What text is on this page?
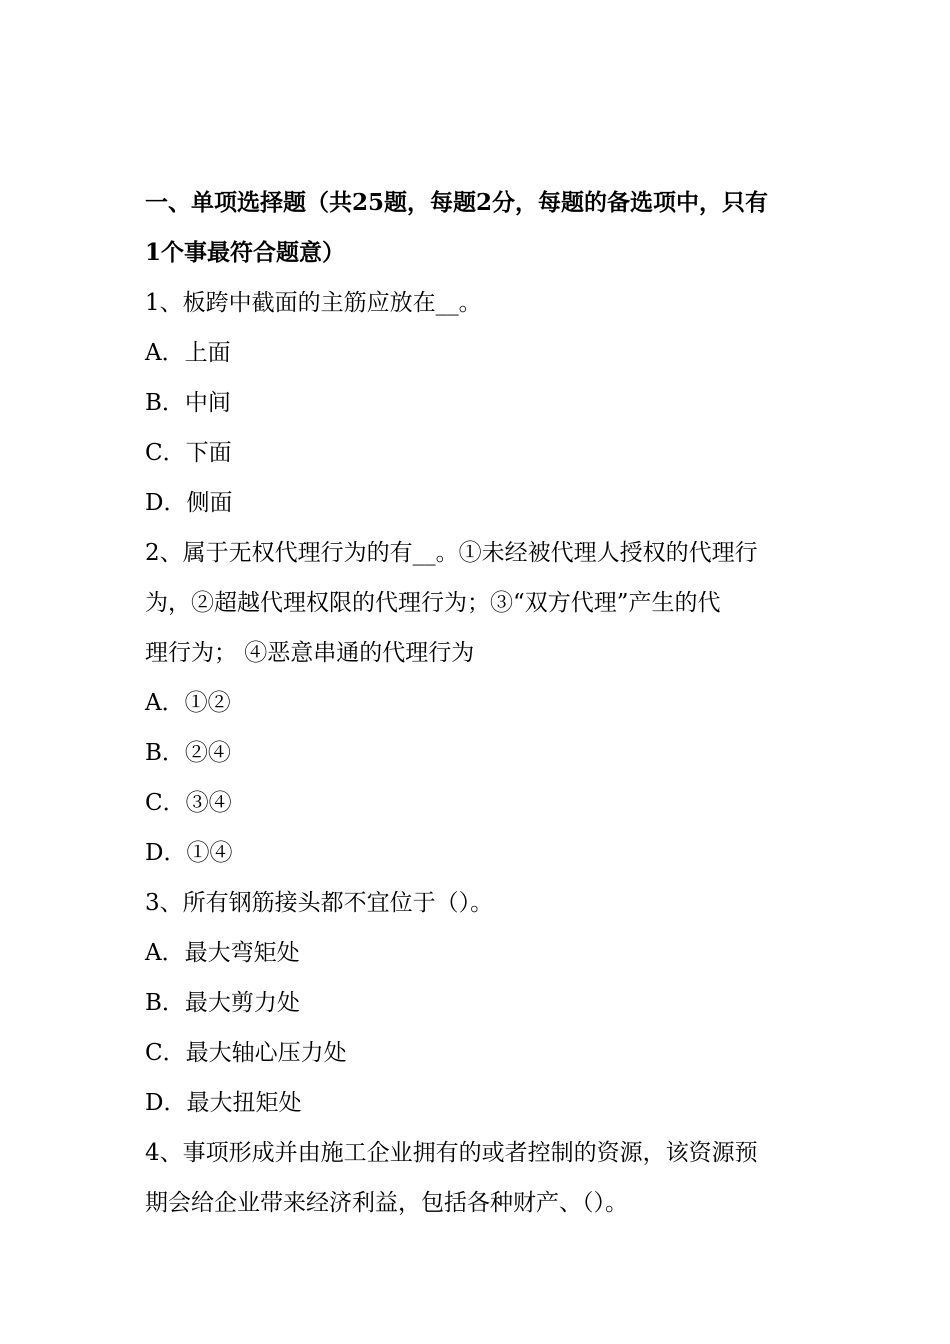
一、单项选择题（共25题，每题2分，每题的备选项中，只有
1个事最符合题意）
1、板跨中截面的主筋应放在__。
A．上面
B．中间
C．下面
D．侧面
2、属于无权代理行为的有__。①未经被代理人授权的代理行
为，②超越代理权限的代理行为；③“双方代理”产生的代
理行为； ④恶意串通的代理行为
A．①②
B．②④
C．③④
D．①④
3、所有钢筋接头都不宜位于（）。
A．最大弯矩处
B．最大剪力处
C．最大轴心压力处
D．最大扭矩处
4、事项形成并由施工企业拥有的或者控制的资源，该资源预
期会给企业带来经济利益，包括各种财产、（）。
